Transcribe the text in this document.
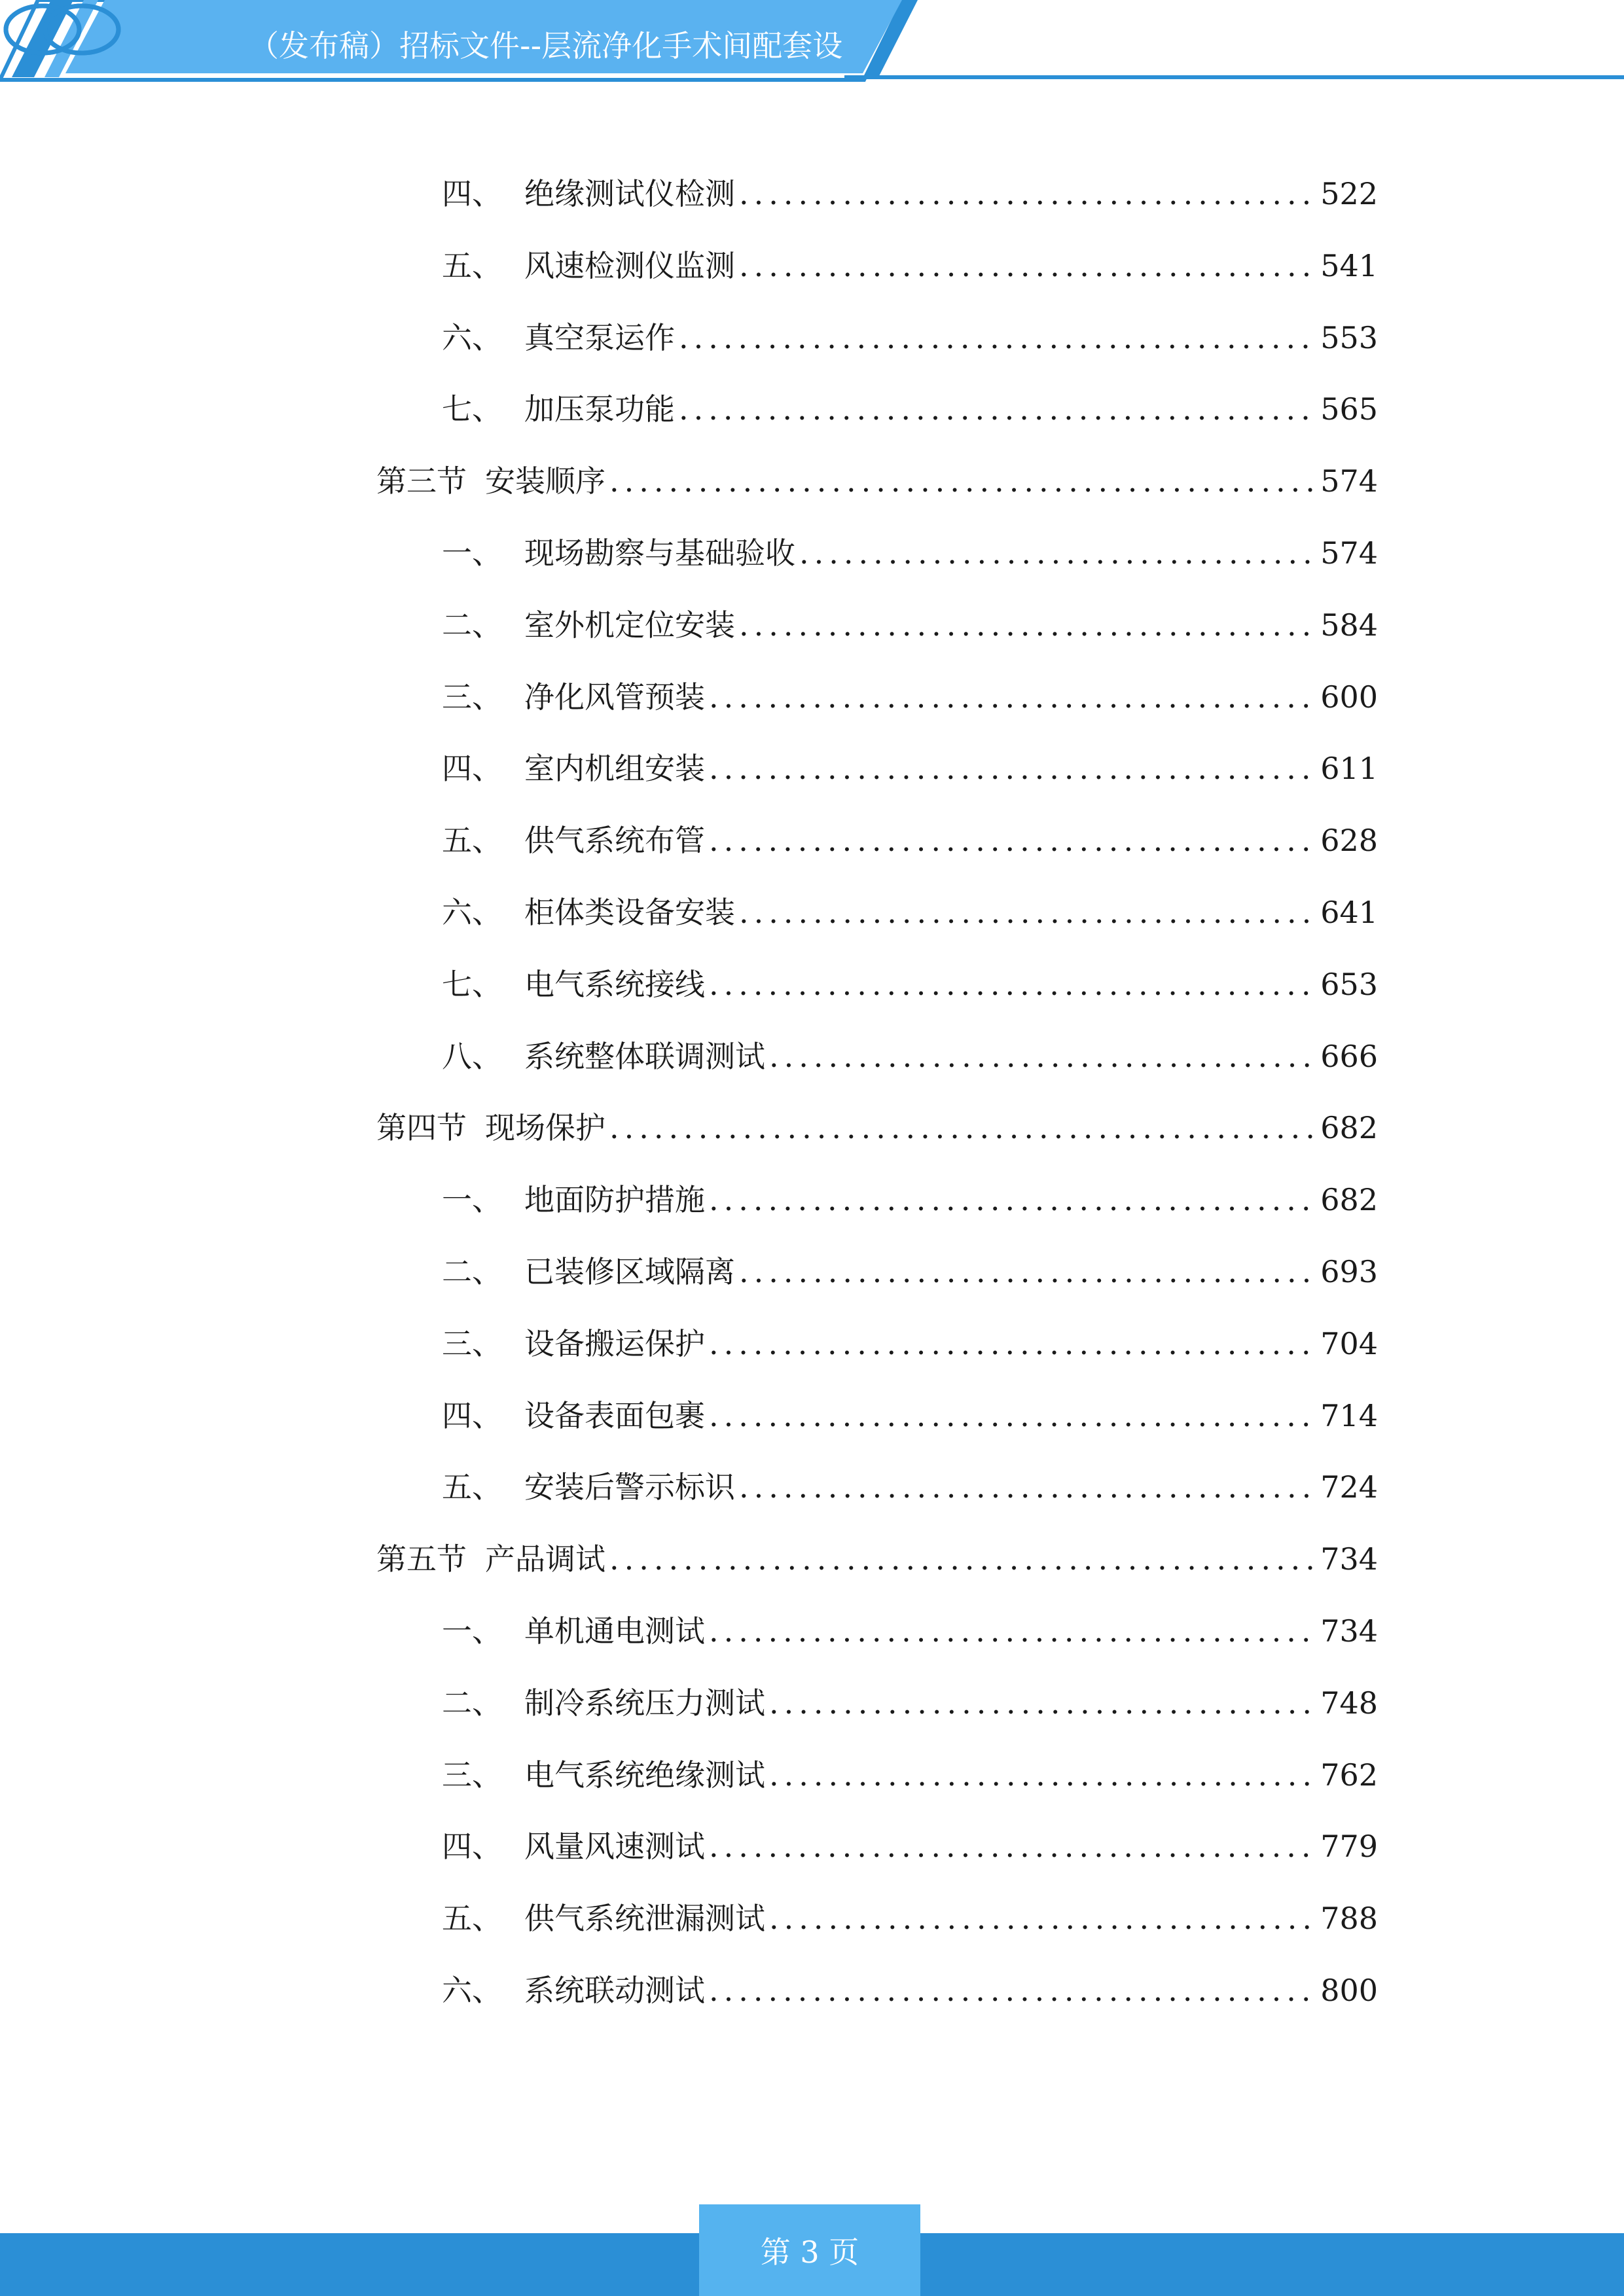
（发布稿）招标文件--层流净化手术间配套设
四、 绝缘测试仪检测 .....	522
五、 风速检测仪监测 .....	541
六、 真空泵运作 .....	553
七、 加压泵功能 .....	565
第三节 安装顺序 .....	574
一、 现场勘察与基础验收 .....	574
二、 室外机定位安装 .....	584
三、 净化风管预装 .....	600
四、 室内机组安装 .....	611
五、 供气系统布管 .....	628
六、 柜体类设备安装 .....	641
七、 电气系统接线 .....	653
八、 系统整体联调测试 .....	666
第四节 现场保护 .....	682
一、 地面防护措施 .....	682
二、 已装修区域隔离 .....	693
三、 设备搬运保护 .....	704
四、 设备表面包裹 .....	714
五、 安装后警示标识 .....	724
第五节 产品调试 .....	734
一、 单机通电测试 .....	734
二、 制冷系统压力测试 .....	748
三、 电气系统绝缘测试 .....	762
四、 风量风速测试 .....	779
五、 供气系统泄漏测试 .....	788
六、 系统联动测试 .....	800
第 3 页
